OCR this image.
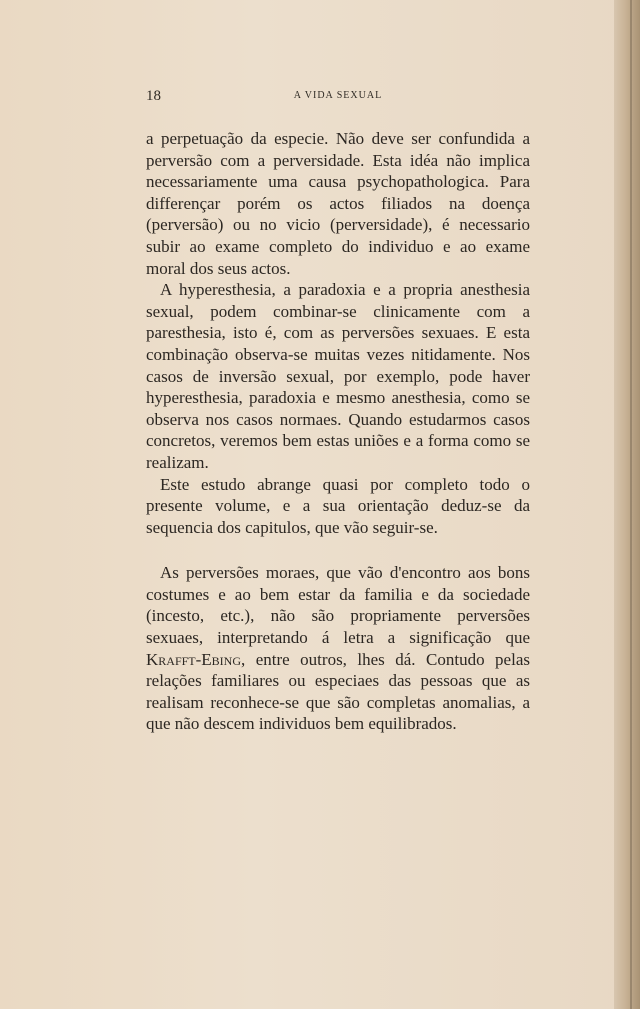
18	A VIDA SEXUAL

a perpetuação da especie. Não deve ser confundida a perversão com a perversidade. Esta idéa não implica necessariamente uma causa psychopathologica. Para differençar porém os actos filiados na doença (perversão) ou no vicio (perversidade), é necessario subir ao exame completo do individuo e ao exame moral dos seus actos.

A hyperesthesia, a paradoxia e a propria anesthesia sexual, podem combinar-se clinicamente com a paresthesia, isto é, com as perversões sexuaes. E esta combinação observa-se muitas vezes nitidamente. Nos casos de inversão sexual, por exemplo, pode haver hyperesthesia, paradoxia e mesmo anesthesia, como se observa nos casos normaes. Quando estudarmos casos concretos, veremos bem estas uniões e a forma como se realizam.

Este estudo abrange quasi por completo todo o presente volume, e a sua orientação deduz-se da sequencia dos capitulos, que vão seguir-se.

As perversões moraes, que vão d'encontro aos bons costumes e ao bem estar da familia e da sociedade (incesto, etc.), não são propriamente perversões sexuaes, interpretando á letra a significação que Krafft-Ebing, entre outros, lhes dá. Contudo pelas relações familiares ou especiaes das pessoas que as realisam reconhece-se que são completas anomalias, a que não descem individuos bem equilibrados.
